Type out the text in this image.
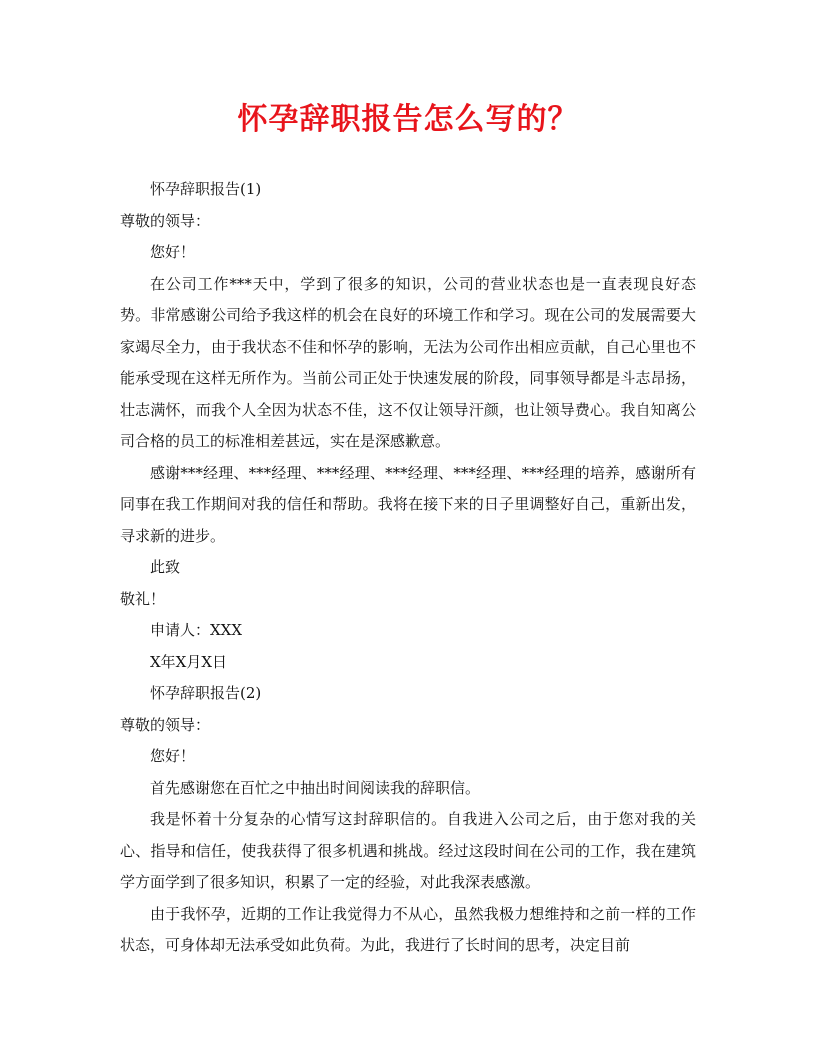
怀孕辞职报告怎么写的？

怀孕辞职报告(1)

尊敬的领导：

您好！

在公司工作***天中，学到了很多的知识，公司的营业状态也是一直表现良好态势。非常感谢公司给予我这样的机会在良好的环境工作和学习。现在公司的发展需要大家竭尽全力，由于我状态不佳和怀孕的影响，无法为公司作出相应贡献，自己心里也不能承受现在这样无所作为。当前公司正处于快速发展的阶段，同事领导都是斗志昂扬，壮志满怀，而我个人全因为状态不佳，这不仅让领导汗颜，也让领导费心。我自知离公司合格的员工的标准相差甚远，实在是深感歉意。

感谢***经理、***经理、***经理、***经理、***经理、***经理的培养，感谢所有同事在我工作期间对我的信任和帮助。我将在接下来的日子里调整好自己，重新出发，寻求新的进步。

此致

敬礼！

申请人：XXX

X年X月X日

怀孕辞职报告(2)

尊敬的领导：

您好！

首先感谢您在百忙之中抽出时间阅读我的辞职信。

我是怀着十分复杂的心情写这封辞职信的。自我进入公司之后，由于您对我的关心、指导和信任，使我获得了很多机遇和挑战。经过这段时间在公司的工作，我在建筑学方面学到了很多知识，积累了一定的经验，对此我深表感激。

由于我怀孕，近期的工作让我觉得力不从心，虽然我极力想维持和之前一样的工作状态，可身体却无法承受如此负荷。为此，我进行了长时间的思考，决定目前
